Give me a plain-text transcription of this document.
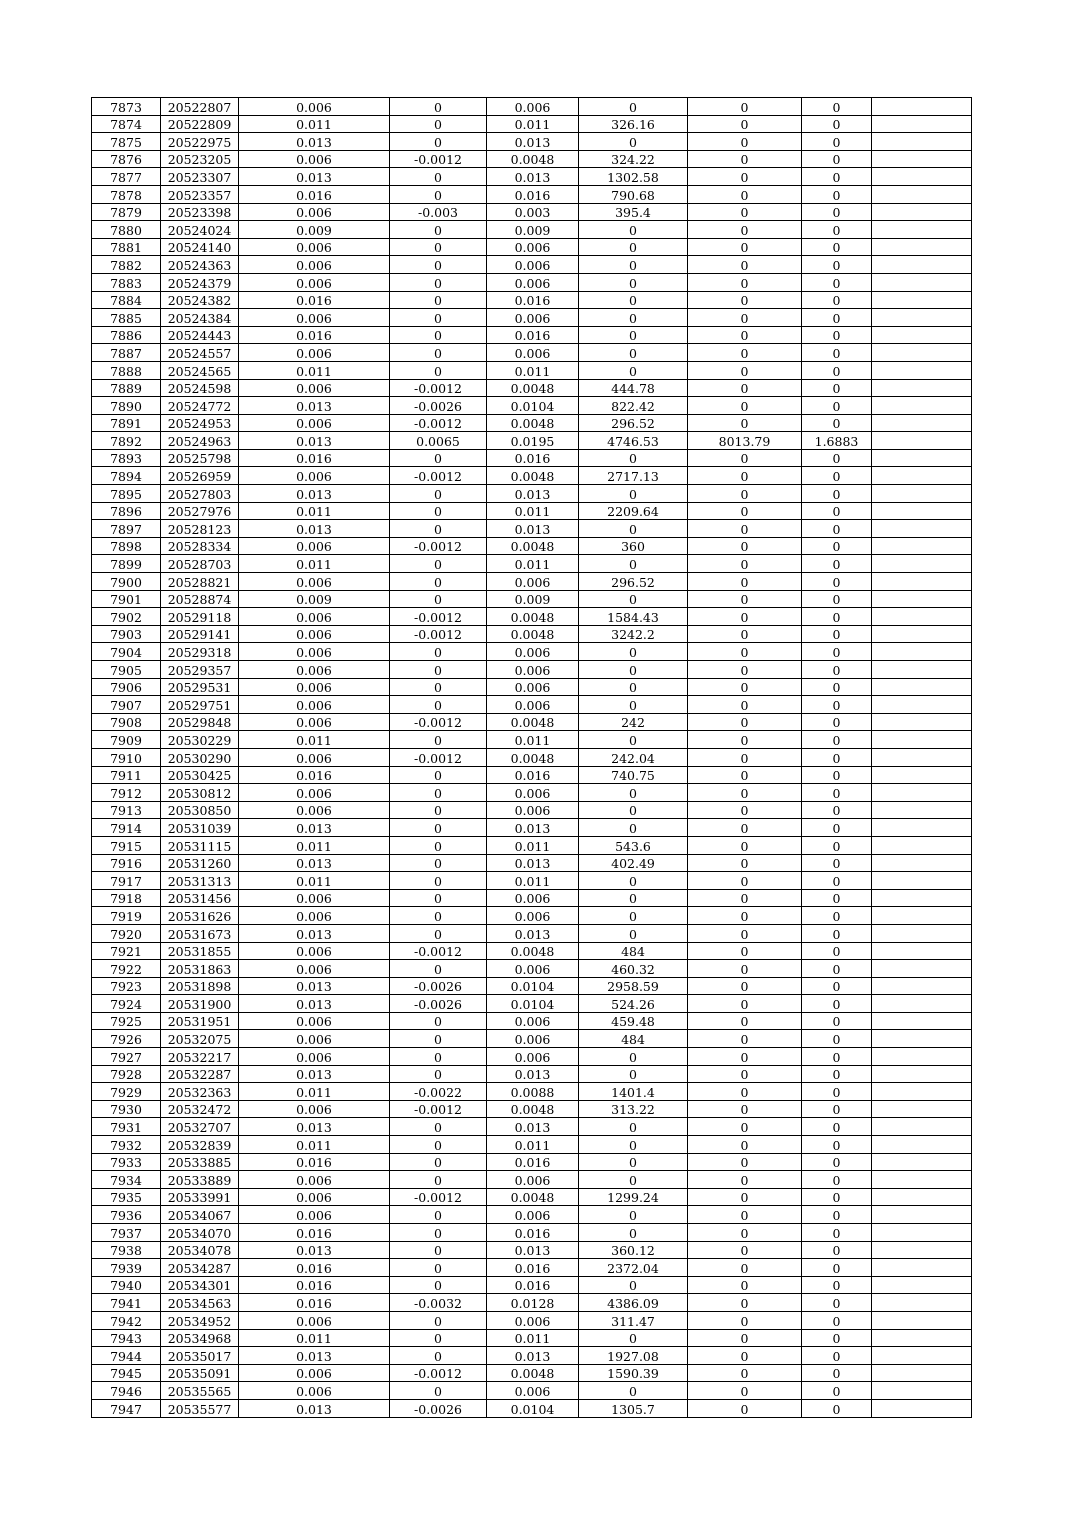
7873	20522807	0.006	0	0.006	0	0	0	
7874	20522809	0.011	0	0.011	326.16	0	0	
7875	20522975	0.013	0	0.013	0	0	0	
7876	20523205	0.006	-0.0012	0.0048	324.22	0	0	
7877	20523307	0.013	0	0.013	1302.58	0	0	
7878	20523357	0.016	0	0.016	790.68	0	0	
7879	20523398	0.006	-0.003	0.003	395.4	0	0	
7880	20524024	0.009	0	0.009	0	0	0	
7881	20524140	0.006	0	0.006	0	0	0	
7882	20524363	0.006	0	0.006	0	0	0	
7883	20524379	0.006	0	0.006	0	0	0	
7884	20524382	0.016	0	0.016	0	0	0	
7885	20524384	0.006	0	0.006	0	0	0	
7886	20524443	0.016	0	0.016	0	0	0	
7887	20524557	0.006	0	0.006	0	0	0	
7888	20524565	0.011	0	0.011	0	0	0	
7889	20524598	0.006	-0.0012	0.0048	444.78	0	0	
7890	20524772	0.013	-0.0026	0.0104	822.42	0	0	
7891	20524953	0.006	-0.0012	0.0048	296.52	0	0	
7892	20524963	0.013	0.0065	0.0195	4746.53	8013.79	1.6883	
7893	20525798	0.016	0	0.016	0	0	0	
7894	20526959	0.006	-0.0012	0.0048	2717.13	0	0	
7895	20527803	0.013	0	0.013	0	0	0	
7896	20527976	0.011	0	0.011	2209.64	0	0	
7897	20528123	0.013	0	0.013	0	0	0	
7898	20528334	0.006	-0.0012	0.0048	360	0	0	
7899	20528703	0.011	0	0.011	0	0	0	
7900	20528821	0.006	0	0.006	296.52	0	0	
7901	20528874	0.009	0	0.009	0	0	0	
7902	20529118	0.006	-0.0012	0.0048	1584.43	0	0	
7903	20529141	0.006	-0.0012	0.0048	3242.2	0	0	
7904	20529318	0.006	0	0.006	0	0	0	
7905	20529357	0.006	0	0.006	0	0	0	
7906	20529531	0.006	0	0.006	0	0	0	
7907	20529751	0.006	0	0.006	0	0	0	
7908	20529848	0.006	-0.0012	0.0048	242	0	0	
7909	20530229	0.011	0	0.011	0	0	0	
7910	20530290	0.006	-0.0012	0.0048	242.04	0	0	
7911	20530425	0.016	0	0.016	740.75	0	0	
7912	20530812	0.006	0	0.006	0	0	0	
7913	20530850	0.006	0	0.006	0	0	0	
7914	20531039	0.013	0	0.013	0	0	0	
7915	20531115	0.011	0	0.011	543.6	0	0	
7916	20531260	0.013	0	0.013	402.49	0	0	
7917	20531313	0.011	0	0.011	0	0	0	
7918	20531456	0.006	0	0.006	0	0	0	
7919	20531626	0.006	0	0.006	0	0	0	
7920	20531673	0.013	0	0.013	0	0	0	
7921	20531855	0.006	-0.0012	0.0048	484	0	0	
7922	20531863	0.006	0	0.006	460.32	0	0	
7923	20531898	0.013	-0.0026	0.0104	2958.59	0	0	
7924	20531900	0.013	-0.0026	0.0104	524.26	0	0	
7925	20531951	0.006	0	0.006	459.48	0	0	
7926	20532075	0.006	0	0.006	484	0	0	
7927	20532217	0.006	0	0.006	0	0	0	
7928	20532287	0.013	0	0.013	0	0	0	
7929	20532363	0.011	-0.0022	0.0088	1401.4	0	0	
7930	20532472	0.006	-0.0012	0.0048	313.22	0	0	
7931	20532707	0.013	0	0.013	0	0	0	
7932	20532839	0.011	0	0.011	0	0	0	
7933	20533885	0.016	0	0.016	0	0	0	
7934	20533889	0.006	0	0.006	0	0	0	
7935	20533991	0.006	-0.0012	0.0048	1299.24	0	0	
7936	20534067	0.006	0	0.006	0	0	0	
7937	20534070	0.016	0	0.016	0	0	0	
7938	20534078	0.013	0	0.013	360.12	0	0	
7939	20534287	0.016	0	0.016	2372.04	0	0	
7940	20534301	0.016	0	0.016	0	0	0	
7941	20534563	0.016	-0.0032	0.0128	4386.09	0	0	
7942	20534952	0.006	0	0.006	311.47	0	0	
7943	20534968	0.011	0	0.011	0	0	0	
7944	20535017	0.013	0	0.013	1927.08	0	0	
7945	20535091	0.006	-0.0012	0.0048	1590.39	0	0	
7946	20535565	0.006	0	0.006	0	0	0	
7947	20535577	0.013	-0.0026	0.0104	1305.7	0	0	
